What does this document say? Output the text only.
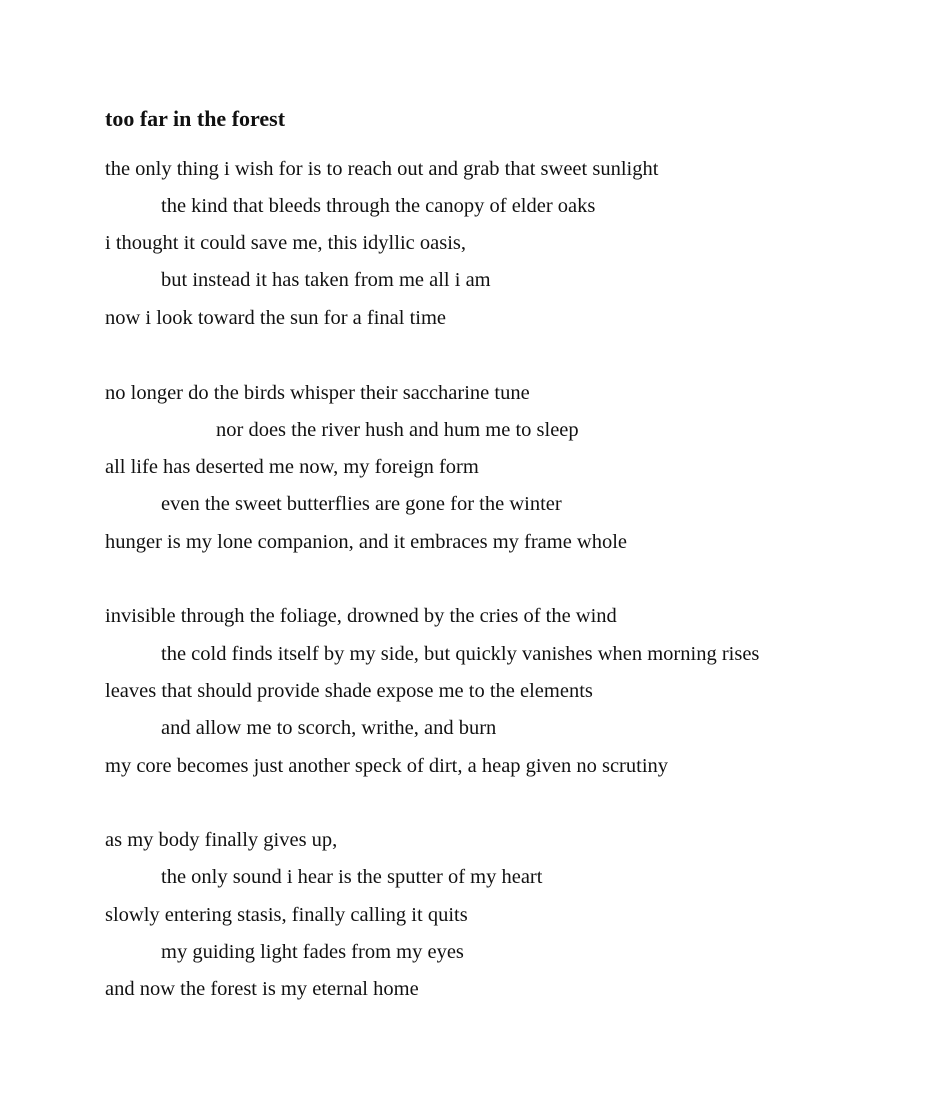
too far in the forest
the only thing i wish for is to reach out and grab that sweet sunlight
the kind that bleeds through the canopy of elder oaks
i thought it could save me, this idyllic oasis,
but instead it has taken from me all i am
now i look toward the sun for a final time
no longer do the birds whisper their saccharine tune
nor does the river hush and hum me to sleep
all life has deserted me now, my foreign form
even the sweet butterflies are gone for the winter
hunger is my lone companion, and it embraces my frame whole
invisible through the foliage, drowned by the cries of the wind
the cold finds itself by my side, but quickly vanishes when morning rises
leaves that should provide shade expose me to the elements
and allow me to scorch, writhe, and burn
my core becomes just another speck of dirt, a heap given no scrutiny
as my body finally gives up,
the only sound i hear is the sputter of my heart
slowly entering stasis, finally calling it quits
my guiding light fades from my eyes
and now the forest is my eternal home
